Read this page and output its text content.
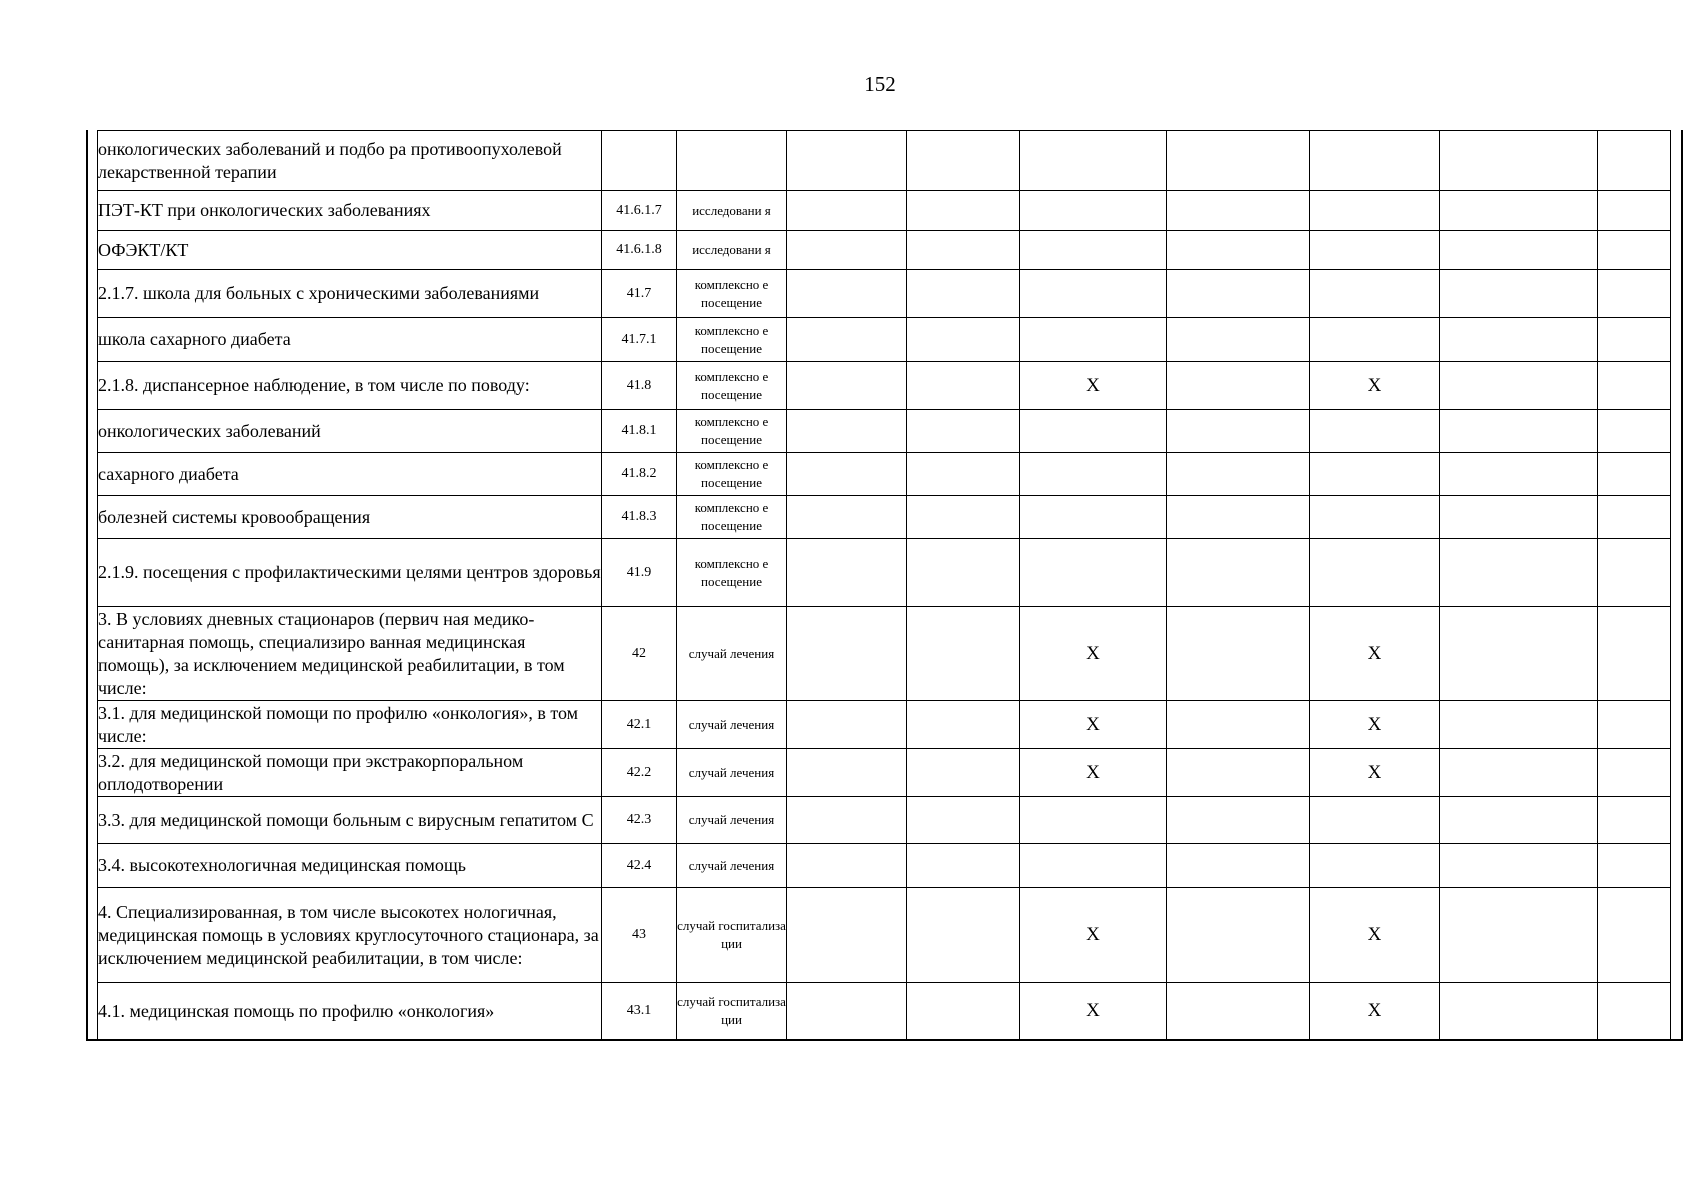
152
онкологических заболеваний и подбо ра противоопухолевой лекарственной терапии										
ПЭТ-КТ при онкологических заболеваниях	41.6.1.7	исследовани я								
ОФЭКТ/КТ	41.6.1.8	исследовани я								
2.1.7. школа для больных с хроническими заболеваниями	41.7	комплексно е посещение								
школа сахарного диабета	41.7.1	комплексно е посещение								
2.1.8. диспансерное наблюдение, в том числе по поводу:	41.8	комплексно е посещение			X		X			
онкологических заболеваний	41.8.1	комплексно е посещение								
сахарного диабета	41.8.2	комплексно е посещение								
болезней системы кровообращения	41.8.3	комплексно е посещение								
2.1.9. посещения с профилактическими целями центров здоровья	41.9	комплексно е посещение								
3. В условиях дневных стационаров (первич ная медико-санитарная помощь, специализиро ванная медицинская помощь), за исключением медицинской реабилитации, в том числе:	42	случай лечения			X		X			
3.1. для медицинской помощи по профилю «онкология», в том числе:	42.1	случай лечения			X		X			
3.2. для медицинской помощи при экстракорпоральном оплодотворении	42.2	случай лечения			X		X			
3.3. для медицинской помощи больным с вирусным гепатитом С	42.3	случай лечения								
3.4. высокотехнологичная медицинская помощь	42.4	случай лечения								
4. Специализированная, в том числе высокотех нологичная, медицинская помощь в условиях круглосуточного стационара, за исключением медицинской реабилитации, в том числе:	43	случай госпитализа ции			X		X			
4.1. медицинская помощь по профилю «онкология»	43.1	случай госпитализа ции			X		X			
